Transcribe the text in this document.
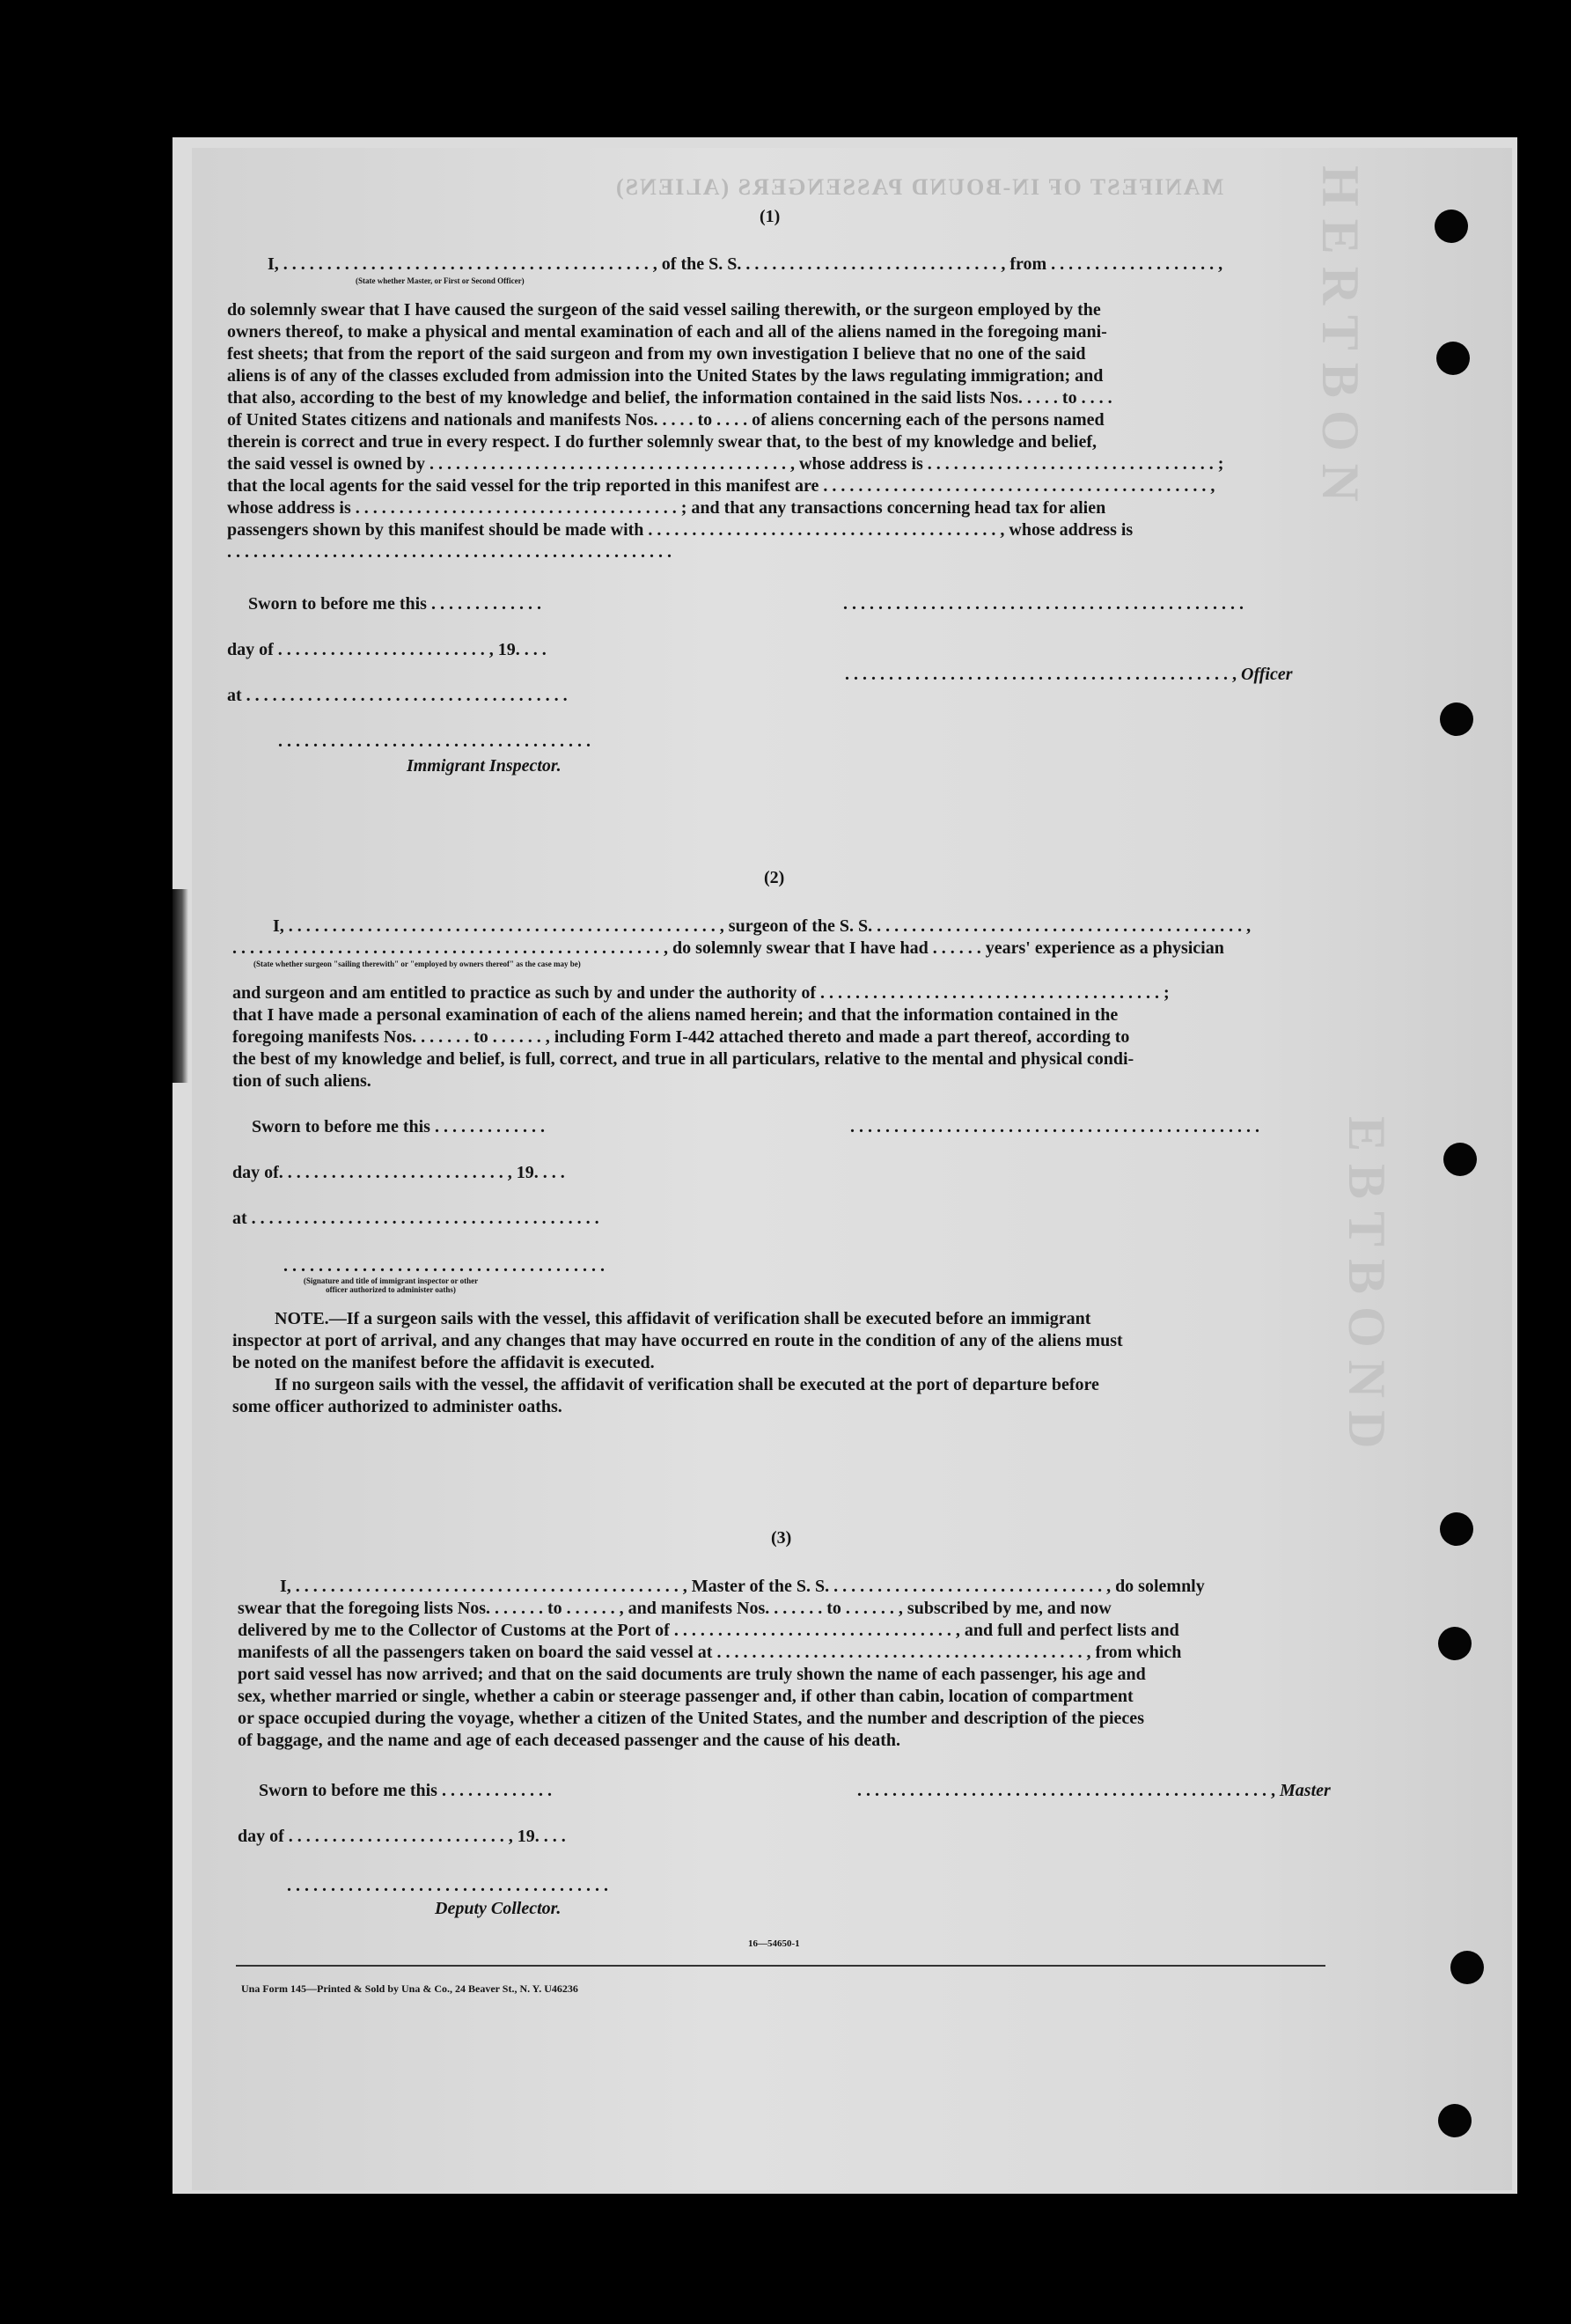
MANIFEST OF IN-BOUND PASSENGERS (ALIENS) HERTBON
EBTBOND
(1)
I, . . . . . . . . . . . . . . . . . . . . . . . . . . . . . . . . . . . . . . . . . . , of the S. S. . . . . . . . . . . . . . . . . . . . . . . . . . . . . . , from . . . . . . . . . . . . . . . . . . . ,
(State whether Master, or First or Second Officer)
do solemnly swear that I have caused the surgeon of the said vessel sailing therewith, or the surgeon employed by the
owners thereof, to make a physical and mental examination of each and all of the aliens named in the foregoing mani-
fest sheets; that from the report of the said surgeon and from my own investigation I believe that no one of the said
aliens is of any of the classes excluded from admission into the United States by the laws regulating immigration; and
that also, according to the best of my knowledge and belief, the information contained in the said lists Nos. . . . . to . . . .
of United States citizens and nationals and manifests Nos. . . . . to . . . . of aliens concerning each of the persons named
therein is correct and true in every respect. I do further solemnly swear that, to the best of my knowledge and belief,
the said vessel is owned by . . . . . . . . . . . . . . . . . . . . . . . . . . . . . . . . . . . . . . . . . , whose address is . . . . . . . . . . . . . . . . . . . . . . . . . . . . . . . . . ;
that the local agents for the said vessel for the trip reported in this manifest are . . . . . . . . . . . . . . . . . . . . . . . . . . . . . . . . . . . . . . . . . . . . ,
whose address is . . . . . . . . . . . . . . . . . . . . . . . . . . . . . . . . . . . . . ; and that any transactions concerning head tax for alien
passengers shown by this manifest should be made with . . . . . . . . . . . . . . . . . . . . . . . . . . . . . . . . . . . . . . . . , whose address is
. . . . . . . . . . . . . . . . . . . . . . . . . . . . . . . . . . . . . . . . . . . . . . . . . . .
Sworn to before me this . . . . . . . . . . . . .	. . . . . . . . . . . . . . . . . . . . . . . . . . . . . . . . . . . . . . . . . . . . . .
day of . . . . . . . . . . . . . . . . . . . . . . . . , 19. . . .
. . . . . . . . . . . . . . . . . . . . . . . . . . . . . . . . . . . . . . . . . . . . , Officer
at . . . . . . . . . . . . . . . . . . . . . . . . . . . . . . . . . . . . .
. . . . . . . . . . . . . . . . . . . . . . . . . . . . . . . . . . . .
Immigrant Inspector.
(2)
I, . . . . . . . . . . . . . . . . . . . . . . . . . . . . . . . . . . . . . . . . . . . . . . . . . , surgeon of the S. S. . . . . . . . . . . . . . . . . . . . . . . . . . . . . . . . . . . . . . . . . . . ,
. . . . . . . . . . . . . . . . . . . . . . . . . . . . . . . . . . . . . . . . . . . . . . . . . , do solemnly swear that I have had . . . . . . years' experience as a physician
(State whether surgeon "sailing therewith" or "employed by owners thereof" as the case may be)
and surgeon and am entitled to practice as such by and under the authority of . . . . . . . . . . . . . . . . . . . . . . . . . . . . . . . . . . . . . . . ;
that I have made a personal examination of each of the aliens named herein; and that the information contained in the
foregoing manifests Nos. . . . . . . to . . . . . . , including Form I-442 attached thereto and made a part thereof, according to
the best of my knowledge and belief, is full, correct, and true in all particulars, relative to the mental and physical condi-
tion of such aliens.
Sworn to before me this . . . . . . . . . . . . .	. . . . . . . . . . . . . . . . . . . . . . . . . . . . . . . . . . . . . . . . . . . . . . .
day of. . . . . . . . . . . . . . . . . . . . . . . . . . , 19. . . .
at . . . . . . . . . . . . . . . . . . . . . . . . . . . . . . . . . . . . . . . .
. . . . . . . . . . . . . . . . . . . . . . . . . . . . . . . . . . . . .
(Signature and title of immigrant inspector or other officer authorized to administer oaths)
NOTE.—If a surgeon sails with the vessel, this affidavit of verification shall be executed before an immigrant
inspector at port of arrival, and any changes that may have occurred en route in the condition of any of the aliens must
be noted on the manifest before the affidavit is executed.
If no surgeon sails with the vessel, the affidavit of verification shall be executed at the port of departure before
some officer authorized to administer oaths.
(3)
I, . . . . . . . . . . . . . . . . . . . . . . . . . . . . . . . . . . . . . . . . . . . . , Master of the S. S. . . . . . . . . . . . . . . . . . . . . . . . . . . . . . . . , do solemnly
swear that the foregoing lists Nos. . . . . . . to . . . . . . , and manifests Nos. . . . . . . to . . . . . . , subscribed by me, and now
delivered by me to the Collector of Customs at the Port of . . . . . . . . . . . . . . . . . . . . . . . . . . . . . . . . , and full and perfect lists and
manifests of all the passengers taken on board the said vessel at . . . . . . . . . . . . . . . . . . . . . . . . . . . . . . . . . . . . . . . . . . , from which
port said vessel has now arrived; and that on the said documents are truly shown the name of each passenger, his age and
sex, whether married or single, whether a cabin or steerage passenger and, if other than cabin, location of compartment
or space occupied during the voyage, whether a citizen of the United States, and the number and description of the pieces
of baggage, and the name and age of each deceased passenger and the cause of his death.
Sworn to before me this . . . . . . . . . . . . .	. . . . . . . . . . . . . . . . . . . . . . . . . . . . . . . . . . . . . . . . . . . . . . . , Master
day of . . . . . . . . . . . . . . . . . . . . . . . . . , 19. . . .
. . . . . . . . . . . . . . . . . . . . . . . . . . . . . . . . . . . . .
Deputy Collector.
16—54650-1
Una Form 145—Printed & Sold by Una & Co., 24 Beaver St., N. Y. U46236
